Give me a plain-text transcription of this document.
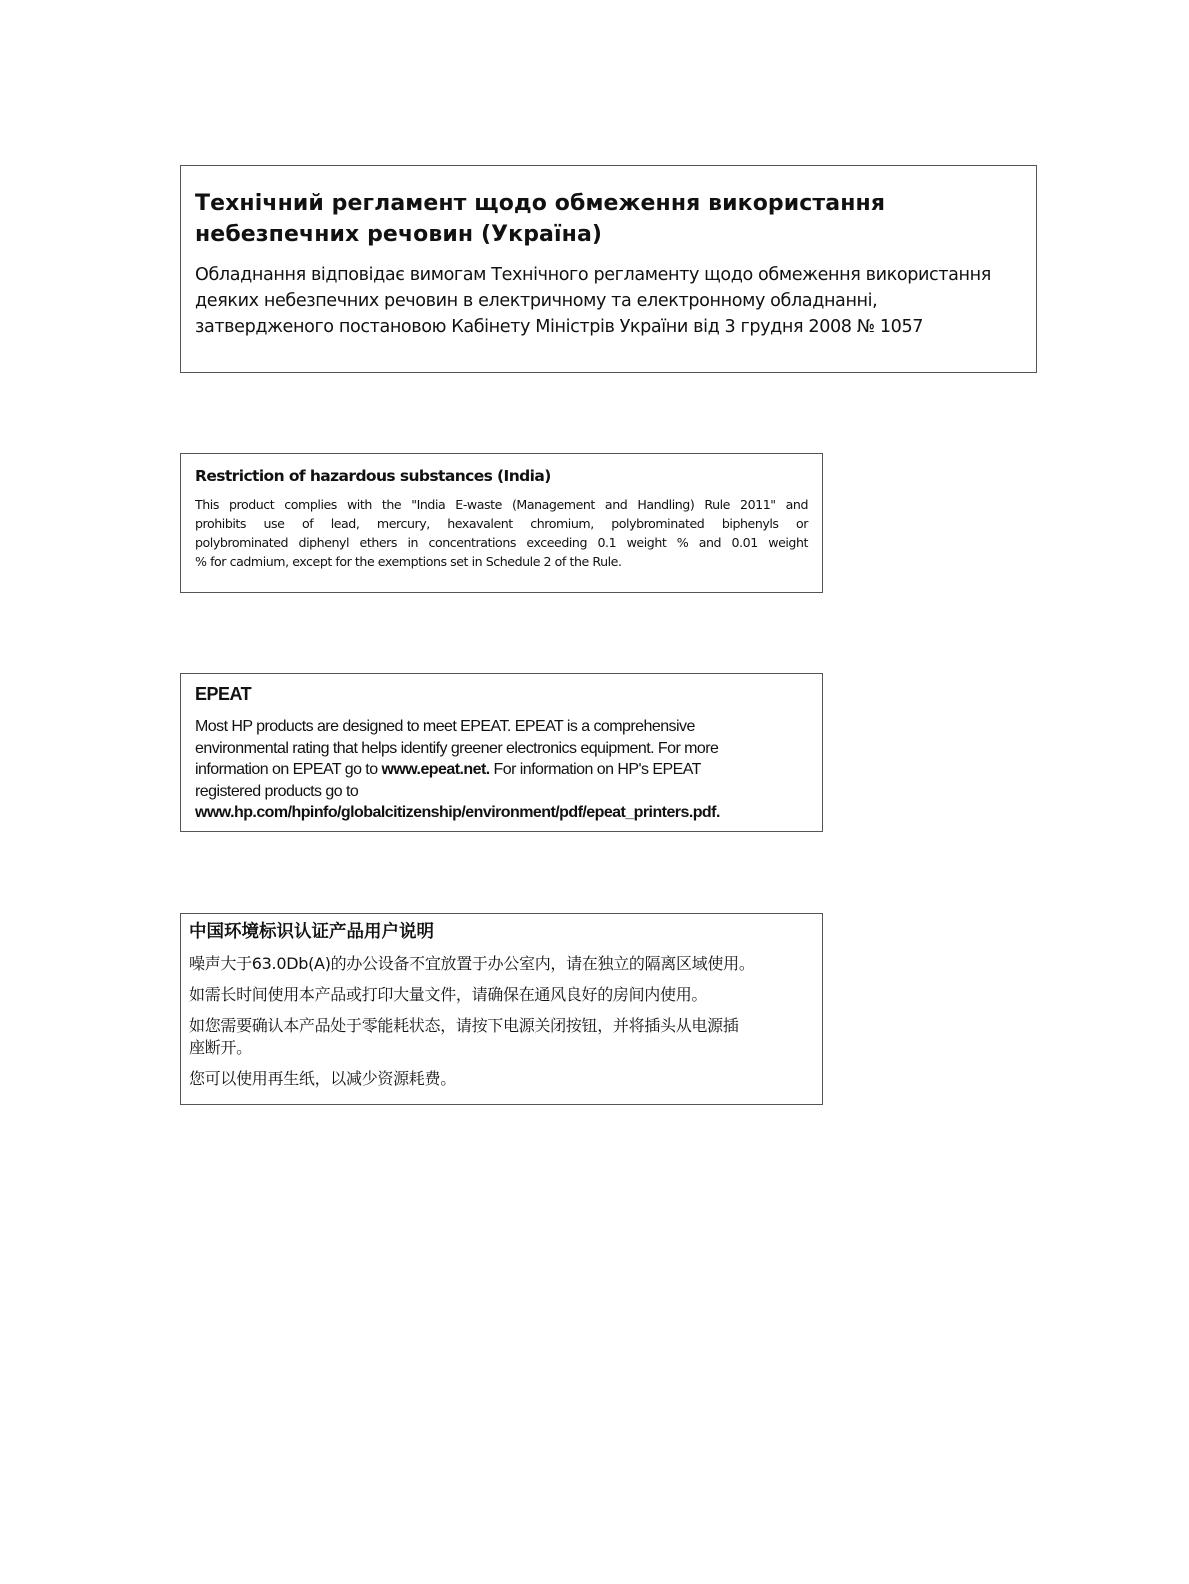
Технічний регламент щодо обмеження використання
небезпечних речовин (Україна)

Обладнання відповідає вимогам Технічного регламенту щодо обмеження використання
деяких небезпечних речовин в електричному та електронному обладнанні,
затвердженого постановою Кабінету Міністрів України від 3 грудня 2008 № 1057

Restriction of hazardous substances (India)

This product complies with the "India E-waste (Management and Handling) Rule 2011" and
prohibits use of lead, mercury, hexavalent chromium, polybrominated biphenyls or
polybrominated diphenyl ethers in concentrations exceeding 0.1 weight % and 0.01 weight
% for cadmium, except for the exemptions set in Schedule 2 of the Rule.

EPEAT

Most HP products are designed to meet EPEAT. EPEAT is a comprehensive
environmental rating that helps identify greener electronics equipment. For more
information on EPEAT go to www.epeat.net. For information on HP's EPEAT
registered products go to
www.hp.com/hpinfo/globalcitizenship/environment/pdf/epeat_printers.pdf.

中国环境标识认证产品用户说明

噪声大于63.0Db(A)的办公设备不宜放置于办公室内，请在独立的隔离区域使用。

如需长时间使用本产品或打印大量文件，请确保在通风良好的房间内使用。

如您需要确认本产品处于零能耗状态，请按下电源关闭按钮，并将插头从电源插
座断开。

您可以使用再生纸，以减少资源耗费。
